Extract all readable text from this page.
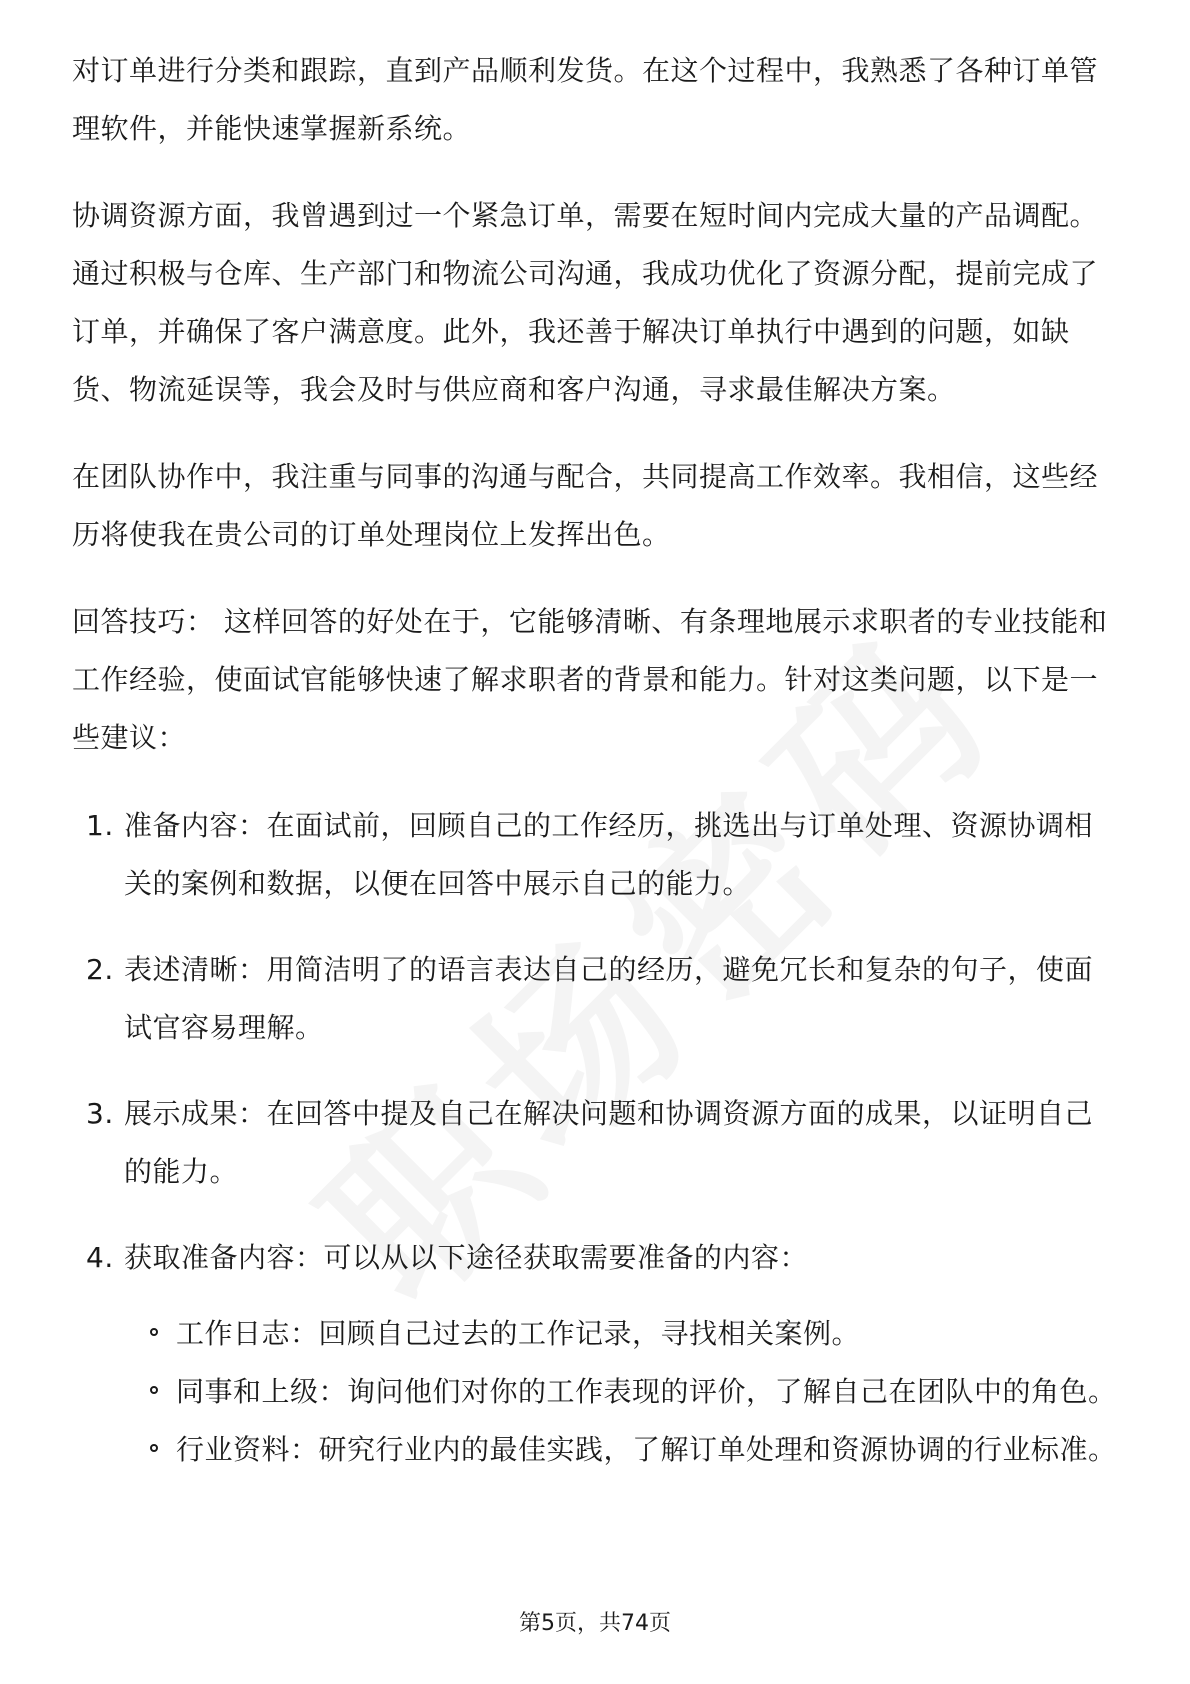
对订单进行分类和跟踪，直到产品顺利发货。在这个过程中，我熟悉了各种订单管理软件，并能快速掌握新系统。

协调资源方面，我曾遇到过一个紧急订单，需要在短时间内完成大量的产品调配。通过积极与仓库、生产部门和物流公司沟通，我成功优化了资源分配，提前完成了订单，并确保了客户满意度。此外，我还善于解决订单执行中遇到的问题，如缺货、物流延误等，我会及时与供应商和客户沟通，寻求最佳解决方案。

在团队协作中，我注重与同事的沟通与配合，共同提高工作效率。我相信，这些经历将使我在贵公司的订单处理岗位上发挥出色。

回答技巧： 这样回答的好处在于，它能够清晰、有条理地展示求职者的专业技能和工作经验，使面试官能够快速了解求职者的背景和能力。针对这类问题，以下是一些建议：

1. 准备内容：在面试前，回顾自己的工作经历，挑选出与订单处理、资源协调相关的案例和数据，以便在回答中展示自己的能力。
2. 表述清晰：用简洁明了的语言表达自己的经历，避免冗长和复杂的句子，使面试官容易理解。
3. 展示成果：在回答中提及自己在解决问题和协调资源方面的成果，以证明自己的能力。
4. 获取准备内容：可以从以下途径获取需要准备的内容：
工作日志：回顾自己过去的工作记录，寻找相关案例。
同事和上级：询问他们对你的工作表现的评价，了解自己在团队中的角色。
行业资料：研究行业内的最佳实践，了解订单处理和资源协调的行业标准。
第5页，共74页
